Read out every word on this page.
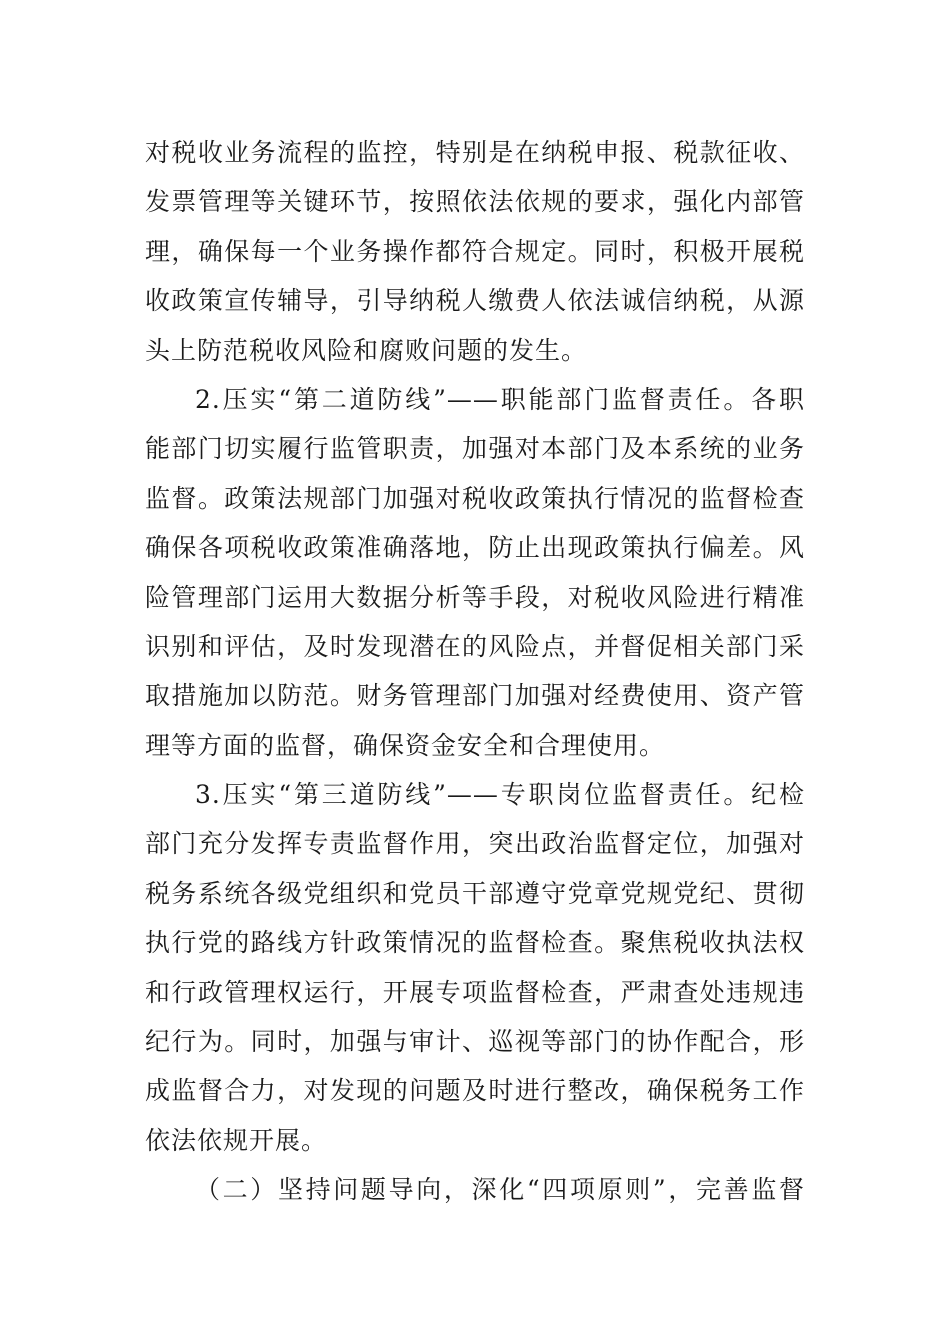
对税收业务流程的监控，特别是在纳税申报、税款征收、
发票管理等关键环节，按照依法依规的要求，强化内部管
理，确保每一个业务操作都符合规定。同时，积极开展税
收政策宣传辅导，引导纳税人缴费人依法诚信纳税，从源
头上防范税收风险和腐败问题的发生。
2.压实“第二道防线”——职能部门监督责任。各职
能部门切实履行监管职责，加强对本部门及本系统的业务
监督。政策法规部门加强对税收政策执行情况的监督检查
确保各项税收政策准确落地，防止出现政策执行偏差。风
险管理部门运用大数据分析等手段，对税收风险进行精准
识别和评估，及时发现潜在的风险点，并督促相关部门采
取措施加以防范。财务管理部门加强对经费使用、资产管
理等方面的监督，确保资金安全和合理使用。
3.压实“第三道防线”——专职岗位监督责任。纪检
部门充分发挥专责监督作用，突出政治监督定位，加强对
税务系统各级党组织和党员干部遵守党章党规党纪、贯彻
执行党的路线方针政策情况的监督检查。聚焦税收执法权
和行政管理权运行，开展专项监督检查，严肃查处违规违
纪行为。同时，加强与审计、巡视等部门的协作配合，形
成监督合力，对发现的问题及时进行整改，确保税务工作
依法依规开展。
（二）坚持问题导向，深化“四项原则”，完善监督
